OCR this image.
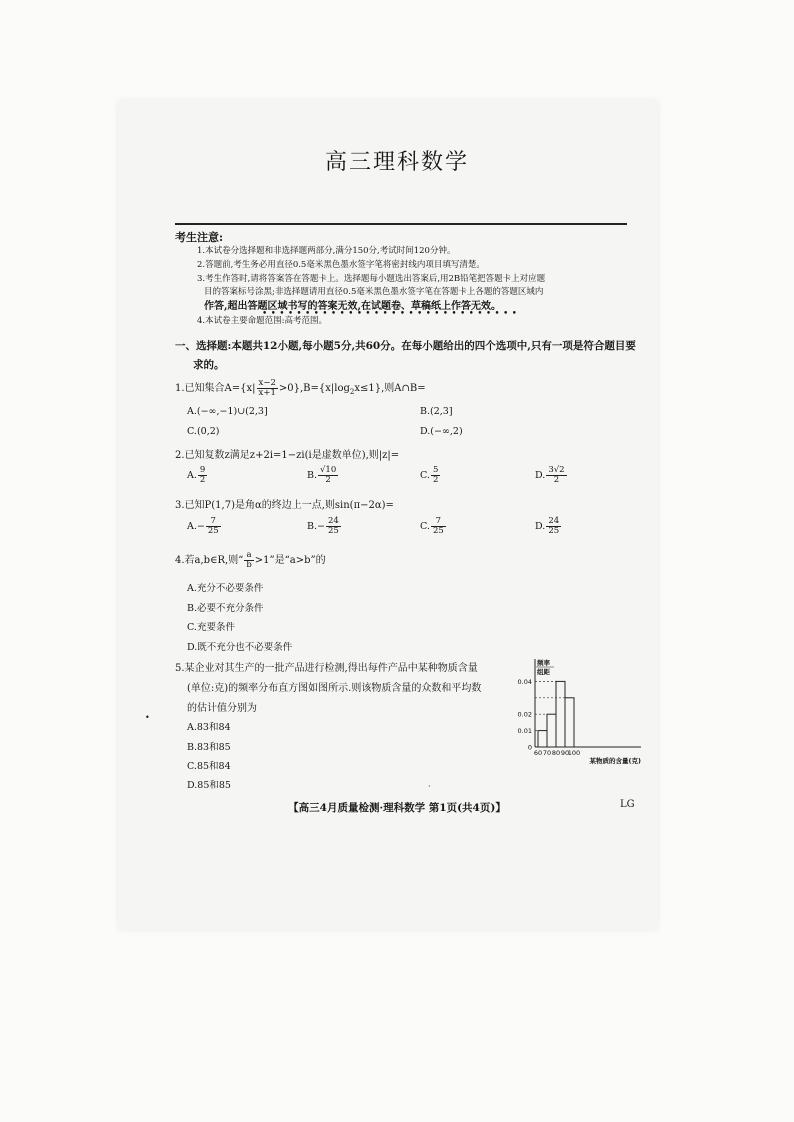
高三理科数学
考生注意:
1.本试卷分选择题和非选择题两部分,满分150分,考试时间120分钟。
2.答题前,考生务必用直径0.5毫米黑色墨水签字笔将密封线内项目填写清楚。
3.考生作答时,请将答案答在答题卡上。选择题每小题选出答案后,用2B铅笔把答题卡上对应题
目的答案标号涂黑;非选择题请用直径0.5毫米黑色墨水签字笔在答题卡上各题的答题区域内
作答,超出答题区域书写的答案无效,在试题卷、草稿纸上作答无效。
••••••••••••••••••••••••••••••
4.本试卷主要命题范围:高考范围。
一、选择题:本题共12小题,每小题5分,共60分。在每小题给出的四个选项中,只有一项是符合题目要
求的。
1.已知集合$A=\{x| \frac{x-2}{x+1} >0\},B=\{x|\log_2x\le 1\}$,则A∩B=
A.(−∞,−1)∪(2,3]	B.(2,3]
C.(0,2)	D.(−∞,2)
2.已知复数z满足z+2i=1−zi(i是虚数单位),则|z|=
A. $\frac{9}{2}$	B. $\frac{√10}{2}$	C. $\frac{5}{2}$	D. $\frac{3√2}{2}$
3.已知P(1,7)是角α的终边上一点,则sin(π−2α)=
$A.- \frac{7}{25}$	$B.- \frac{24}{25}$	C. $\frac{7}{25}$	D. $\frac{24}{25}$
4.若a,b∈R,则“ $\frac{a}{b} >1$”是“a>b”的
A.充分不必要条件
B.必要不充分条件
C.充要条件
D.既不充分也不必要条件
5.某企业对其生产的一批产品进行检测,得出每件产品中某种物质含量
(单位:克)的频率分布直方图如图所示.则该物质含量的众数和平均数
的估计值分别为
A.83和84
B.83和85
C.85和84
D.85和85
0.04
0.02
0.01
0
60 70 80 90
100
频率
组距
某物质的含量(克)
•
·
【高三4月质量检测·理科数学 第1页(共4页)】	LG
